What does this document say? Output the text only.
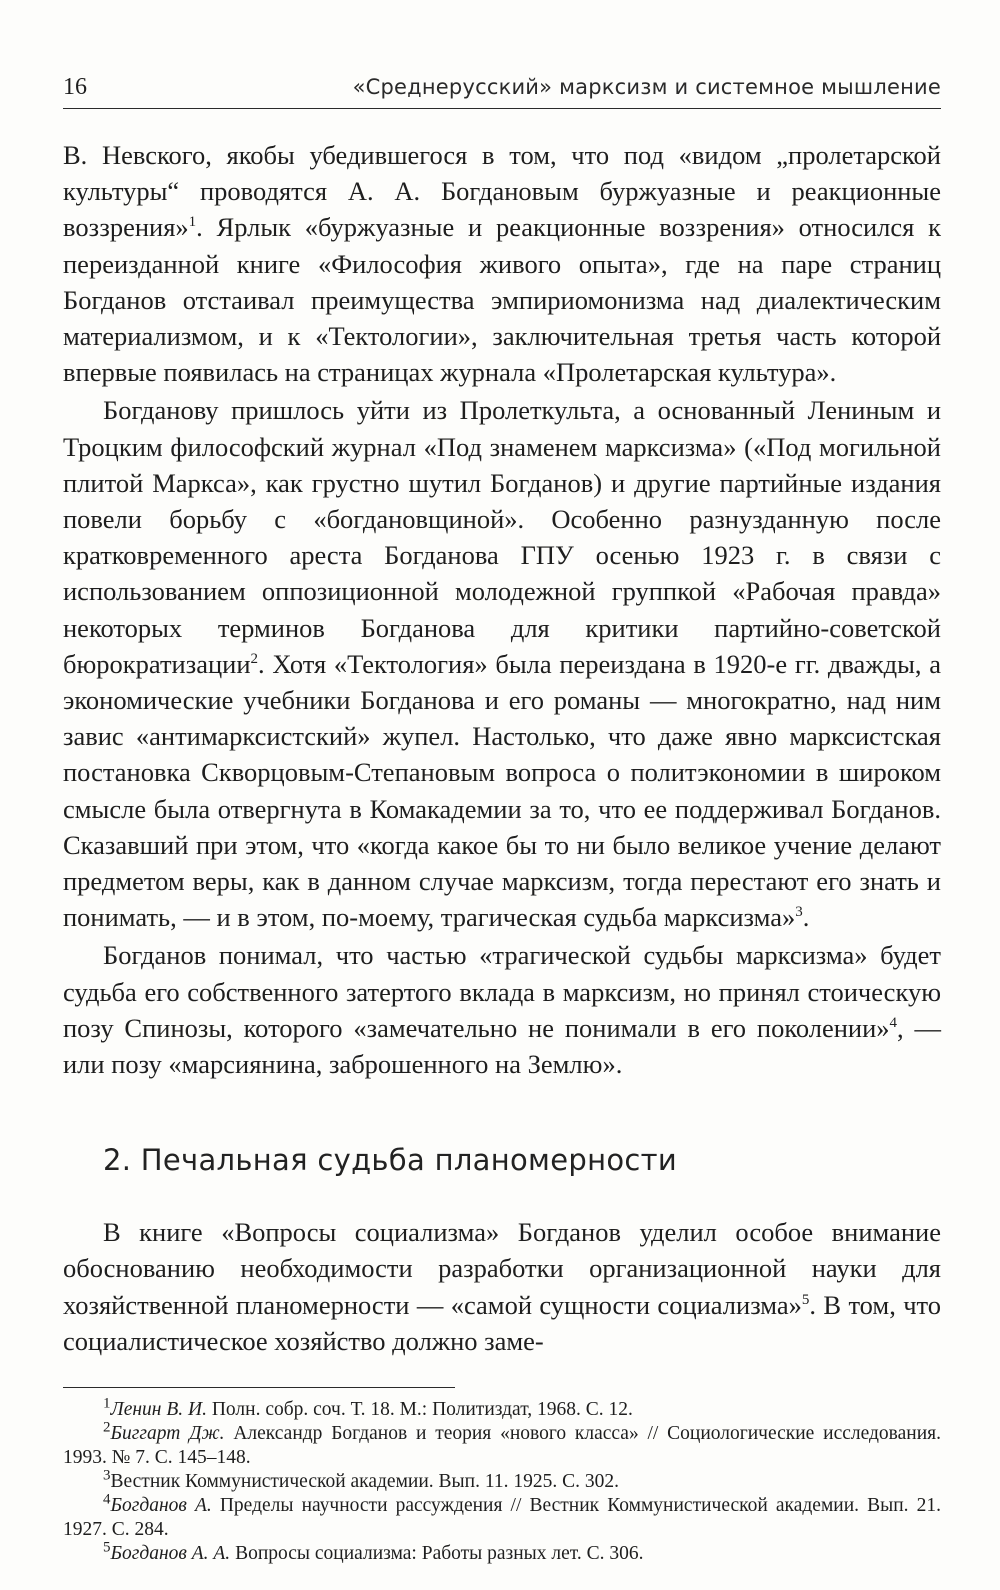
16	«Среднерусский» марксизм и системное мышление

В. Невского, якобы убедившегося в том, что под «видом „пролетарской культуры“ проводятся А. А. Богдановым буржуазные и реакционные воззрения»$^1$. Ярлык «буржуазные и реакционные воззрения» относился к переизданной книге «Философия живого опыта», где на паре страниц Богданов отстаивал преимущества эмпириомонизма над диалектическим материализмом, и к «Тектологии», заключительная третья часть которой впервые появилась на страницах журнала «Пролетарская культура».

Богданову пришлось уйти из Пролеткульта, а основанный Лениным и Троцким философский журнал «Под знаменем марксизма» («Под могильной плитой Маркса», как грустно шутил Богданов) и другие партийные издания повели борьбу с «богдановщиной». Особенно разнузданную после кратковременного ареста Богданова ГПУ осенью 1923 г. в связи с использованием оппозиционной молодежной группкой «Рабочая правда» некоторых терминов Богданова для критики партийно-советской бюрократизации$^2$. Хотя «Тектология» была переиздана в 1920-е гг. дважды, а экономические учебники Богданова и его романы — многократно, над ним завис «антимарксистский» жупел. Настолько, что даже явно марксистская постановка Скворцовым-Степановым вопроса о политэкономии в широком смысле была отвергнута в Комакадемии за то, что ее поддерживал Богданов. Сказавший при этом, что «когда какое бы то ни было великое учение делают предметом веры, как в данном случае марксизм, тогда перестают его знать и понимать, — и в этом, по-моему, трагическая судьба марксизма»$^3$.

Богданов понимал, что частью «трагической судьбы марксизма» будет судьба его собственного затертого вклада в марксизм, но принял стоическую позу Спинозы, которого «замечательно не понимали в его поколении»$^4$, — или позу «марсиянина, заброшенного на Землю».

2. Печальная судьба планомерности

В книге «Вопросы социализма» Богданов уделил особое внимание обоснованию необходимости разработки организационной науки для хозяйственной планомерности — «самой сущности социализма»$^5$. В том, что социалистическое хозяйство должно заме-

$^1$Ленин В. И. Полн. собр. соч. Т. 18. М.: Политиздат, 1968. С. 12.

$^2$Биггарт Дж. Александр Богданов и теория «нового класса» // Социологические исследования. 1993. № 7. С. 145–148.

$^3$Вестник Коммунистической академии. Вып. 11. 1925. С. 302.

$^4$Богданов А. Пределы научности рассуждения // Вестник Коммунистической академии. Вып. 21. 1927. С. 284.

$^5$Богданов А. А. Вопросы социализма: Работы разных лет. С. 306.
